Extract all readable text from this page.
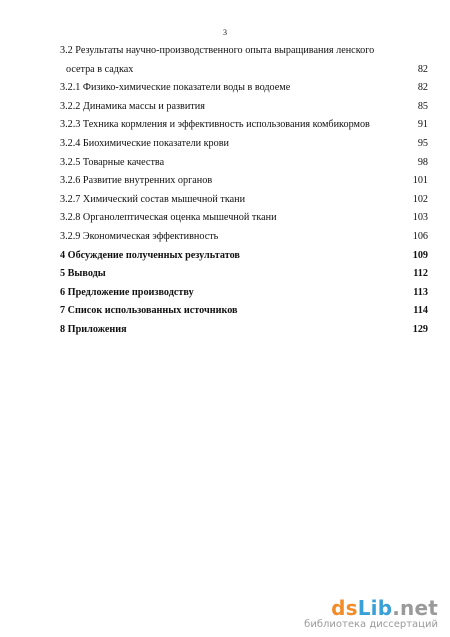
3
3.2 Результаты научно-производственного опыта выращивания ленского
осетра в садках	82
3.2.1 Физико-химические показатели воды в водоеме	82
3.2.2 Динамика массы и развития	85
3.2.3 Техника кормления и эффективность использования комбикормов	91
3.2.4 Биохимические показатели крови	95
3.2.5 Товарные качества	98
3.2.6 Развитие внутренних органов	101
3.2.7 Химический состав мышечной ткани	102
3.2.8 Органолептическая оценка мышечной ткани	103
3.2.9 Экономическая эффективность	106
4 Обсуждение полученных результатов	109
5 Выводы	112
6 Предложение производству	113
7 Список использованных источников	114
8 Приложения	129
dsLib.net
библиотека диссертаций
